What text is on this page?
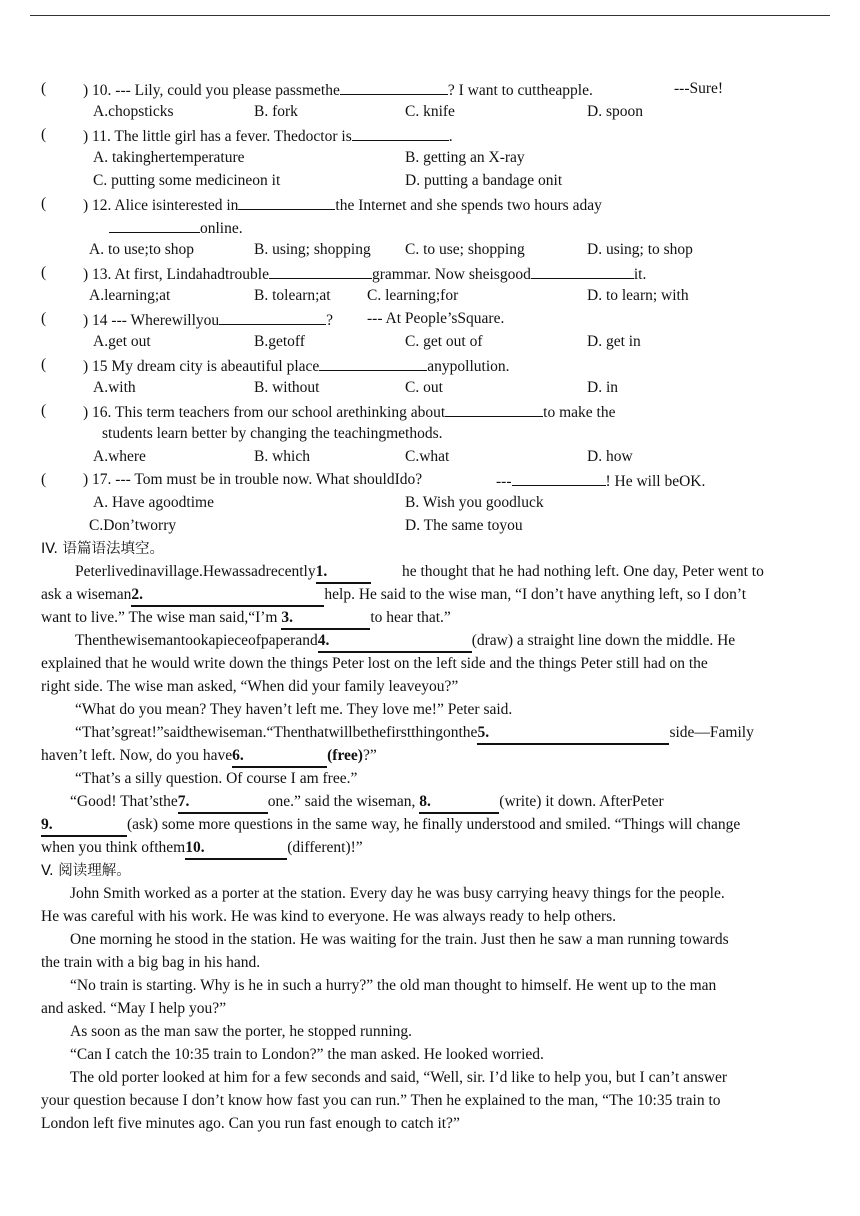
( ) 10. --- Lily, could you please passmethe	? I want to cuttheapple.	---Sure!
A.chopsticks	B. fork	C. knife	D. spoon
( ) 11. The little girl has a fever. Thedoctor is	.
A. takinghertemperature	B. getting an X-ray
C. putting some medicineon it	D. putting a bandage onit
( ) 12. Alice isinterested in	the Internet and she spends two hours aday
online.
A. to use;to shop	B. using; shopping C. to use; shopping	D. using; to shop
( ) 13. At first, Lindahadtrouble	grammar. Now sheisgood	it.
A.learning;at	B. tolearn;at C. learning;for	D. to learn; with
( ) 14 --- Wherewillyou	? --- At People’sSquare.
A.get out	B.getoff	C. get out of	D. get in
( ) 15 My dream city is abeautiful place	anypollution.
A.with	B. without	C. out	D. in
( ) 16. This term teachers from our school arethinking about	to make the
students learn better by changing the teachingmethods.
A.where	B. which	C.what	D. how
( ) 17. --- Tom must be in trouble now. What shouldIdo?	---	! He will beOK.
A. Have agoodtime	B. Wish you goodluck
C.Don’tworry	D. The same toyou
IV. 语篇语法填空。
Peterlivedinavillage.Hewassadrecently1.	he thought that he had nothing left. One day, Peter went to
ask a wiseman2.	help. He said to the wise man, “I don’t have anything left, so I don’t
want to live.” The wise man said,“I’m 3.	to hear that.”
Thenthewisemantookapieceofpaperand4.	(draw) a straight line down the middle. He
explained that he would write down the things Peter lost on the left side and the things Peter still had on the
right side. The wise man asked, “When did your family leaveyou?”
“What do you mean? They haven’t left me. They love me!” Peter said.
“That’sgreat!”saidthewiseman.“Thenthatwillbethefirstthingonthe5.	side—Family
haven’t left. Now, do you have6.	(free)?”
“That’s a silly question. Of course I am free.”
“Good! That’sthe7.	one.” said the wiseman, 8.	(write) it down. AfterPeter
9.	(ask) some more questions in the same way, he finally understood and smiled. “Things will change
when you think ofthem10.	(different)!”
V. 阅读理解。
John Smith worked as a porter at the station. Every day he was busy carrying heavy things for the people.
He was careful with his work. He was kind to everyone. He was always ready to help others.
One morning he stood in the station. He was waiting for the train. Just then he saw a man running towards
the train with a big bag in his hand.
“No train is starting. Why is he in such a hurry?” the old man thought to himself. He went up to the man
and asked. “May I help you?”
As soon as the man saw the porter, he stopped running.
“Can I catch the 10:35 train to London?” the man asked. He looked worried.
The old porter looked at him for a few seconds and said, “Well, sir. I’d like to help you, but I can’t answer
your question because I don’t know how fast you can run.” Then he explained to the man, “The 10:35 train to
London left five minutes ago. Can you run fast enough to catch it?”
